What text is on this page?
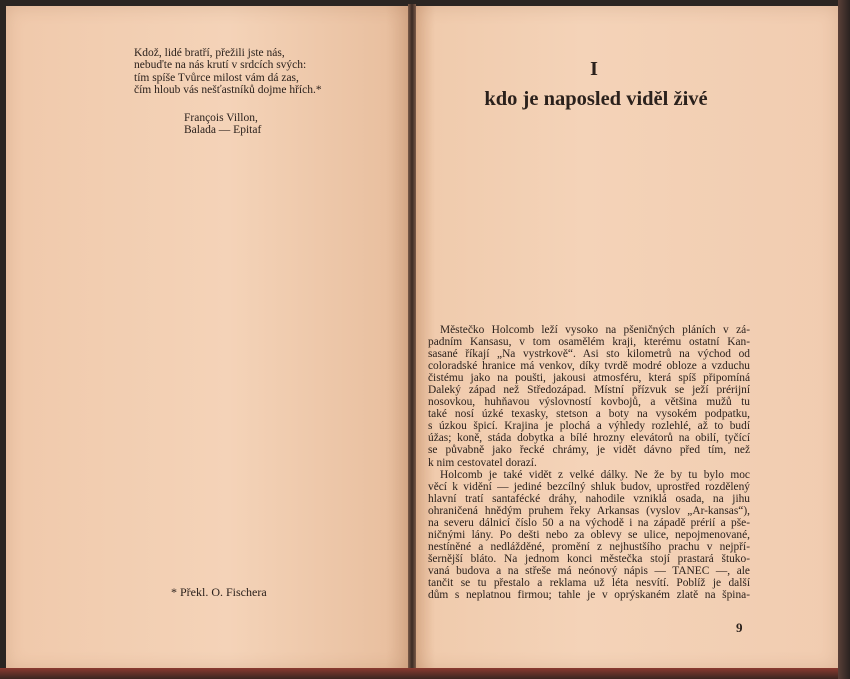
Kdož, lidé bratří, přežili jste nás,
nebuďte na nás krutí v srdcích svých:
tím spíše Tvůrce milost vám dá zas,
čím hloub vás nešťastníků dojme hřích.*
François Villon,
Balada — Epitaf
* Překl. O. Fischera
I
kdo je naposled viděl živé
Městečko Holcomb leží vysoko na pšeničných pláních v zá-
padním Kansasu, v tom osamělém kraji, kterému ostatní Kan-
sasané říkají „Na vystrkově“. Asi sto kilometrů na východ od
coloradské hranice má venkov, díky tvrdě modré obloze a vzduchu
čistému jako na poušti, jakousi atmosféru, která spíš připomíná
Daleký západ než Středozápad. Místní přízvuk se ježí prérijní
nosovkou, huhňavou výslovností kovbojů, a většina mužů tu
také nosí úzké texasky, stetson a boty na vysokém podpatku,
s úzkou špicí. Krajina je plochá a výhledy rozlehlé, až to budí
úžas; koně, stáda dobytka a bílé hrozny elevátorů na obilí, tyčící
se půvabně jako řecké chrámy, je vidět dávno před tím, než
k nim cestovatel dorazí.
Holcomb je také vidět z velké dálky. Ne že by tu bylo moc
věcí k vidění — jediné bezcílný shluk budov, uprostřed rozdělený
hlavní tratí santafécké dráhy, nahodile vzniklá osada, na jihu
ohraničená hnědým pruhem řeky Arkansas (vyslov „Ar-kansas“),
na severu dálnicí číslo 50 a na východě i na západě prérií a pše-
ničnými lány. Po dešti nebo za oblevy se ulice, nepojmenované,
nestíněné a nedlážděné, promění z nejhustšího prachu v nejpří-
šernější bláto. Na jednom konci městečka stojí prastará štuko-
vaná budova a na střeše má neónový nápis — TANEC —, ale
tančit se tu přestalo a reklama už léta nesvítí. Poblíž je další
dům s neplatnou firmou; tahle je v oprýskaném zlatě na špina-
9
